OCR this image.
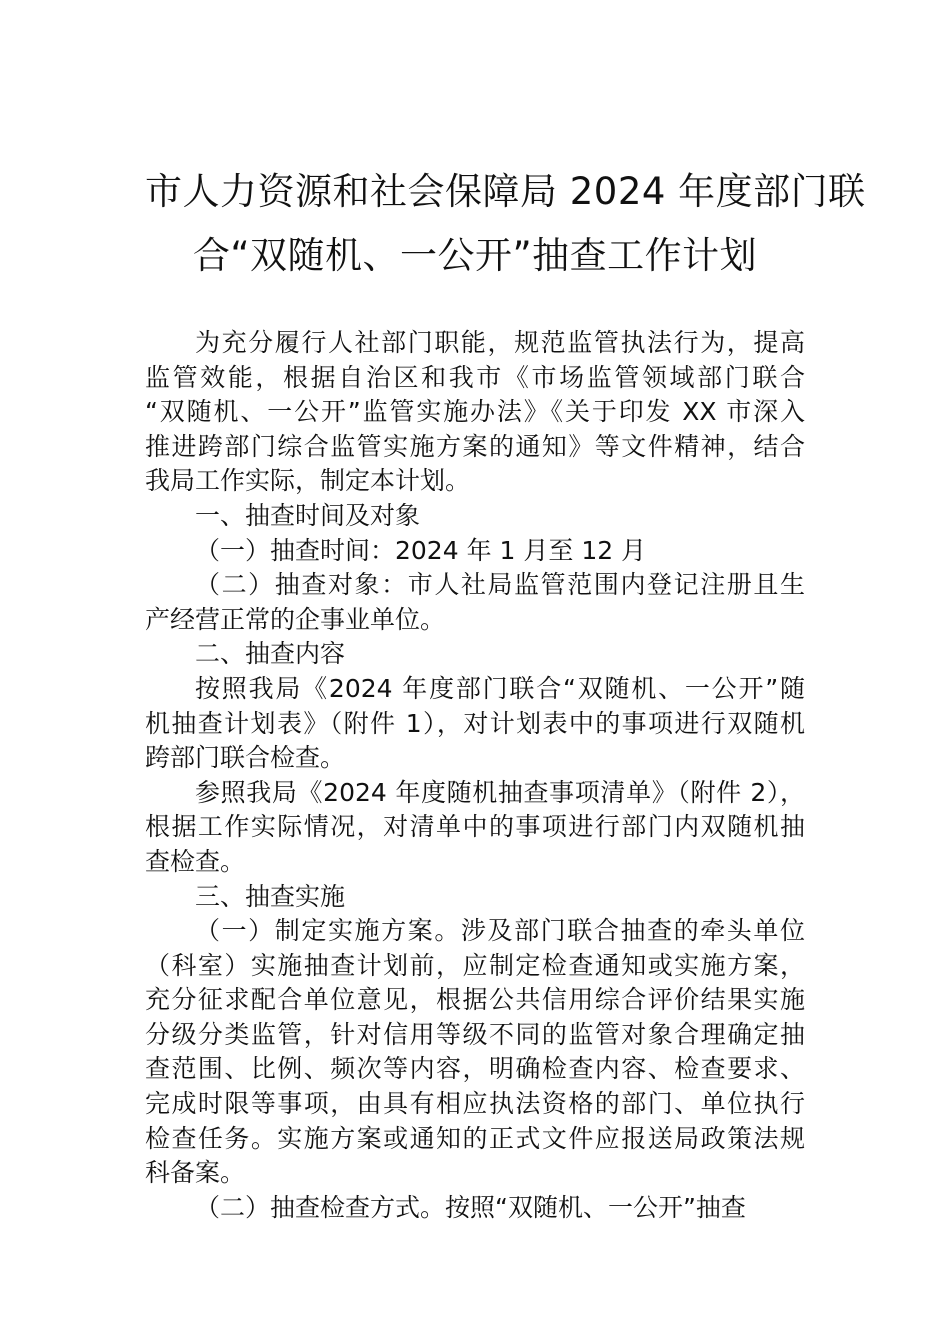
市人力资源和社会保障局 2024 年度部门联
合“双随机、一公开”抽查工作计划
为充分履行人社部门职能，规范监管执法行为，提高
监管效能，根据自治区和我市《市场监管领域部门联合
“双随机、一公开”监管实施办法》《关于印发 XX 市深入
推进跨部门综合监管实施方案的通知》等文件精神，结合
我局工作实际，制定本计划。
一、抽查时间及对象
（一）抽查时间：2024 年 1 月至 12 月
（二）抽查对象：市人社局监管范围内登记注册且生
产经营正常的企事业单位。
二、抽查内容
按照我局《2024 年度部门联合“双随机、一公开”随
机抽查计划表》（附件 1），对计划表中的事项进行双随机
跨部门联合检查。
参照我局《2024 年度随机抽查事项清单》（附件 2），
根据工作实际情况，对清单中的事项进行部门内双随机抽
查检查。
三、抽查实施
（一）制定实施方案。涉及部门联合抽查的牵头单位
（科室）实施抽查计划前，应制定检查通知或实施方案，
充分征求配合单位意见，根据公共信用综合评价结果实施
分级分类监管，针对信用等级不同的监管对象合理确定抽
查范围、比例、频次等内容，明确检查内容、检查要求、
完成时限等事项，由具有相应执法资格的部门、单位执行
检查任务。实施方案或通知的正式文件应报送局政策法规
科备案。
（二）抽查检查方式。按照“双随机、一公开”抽查
